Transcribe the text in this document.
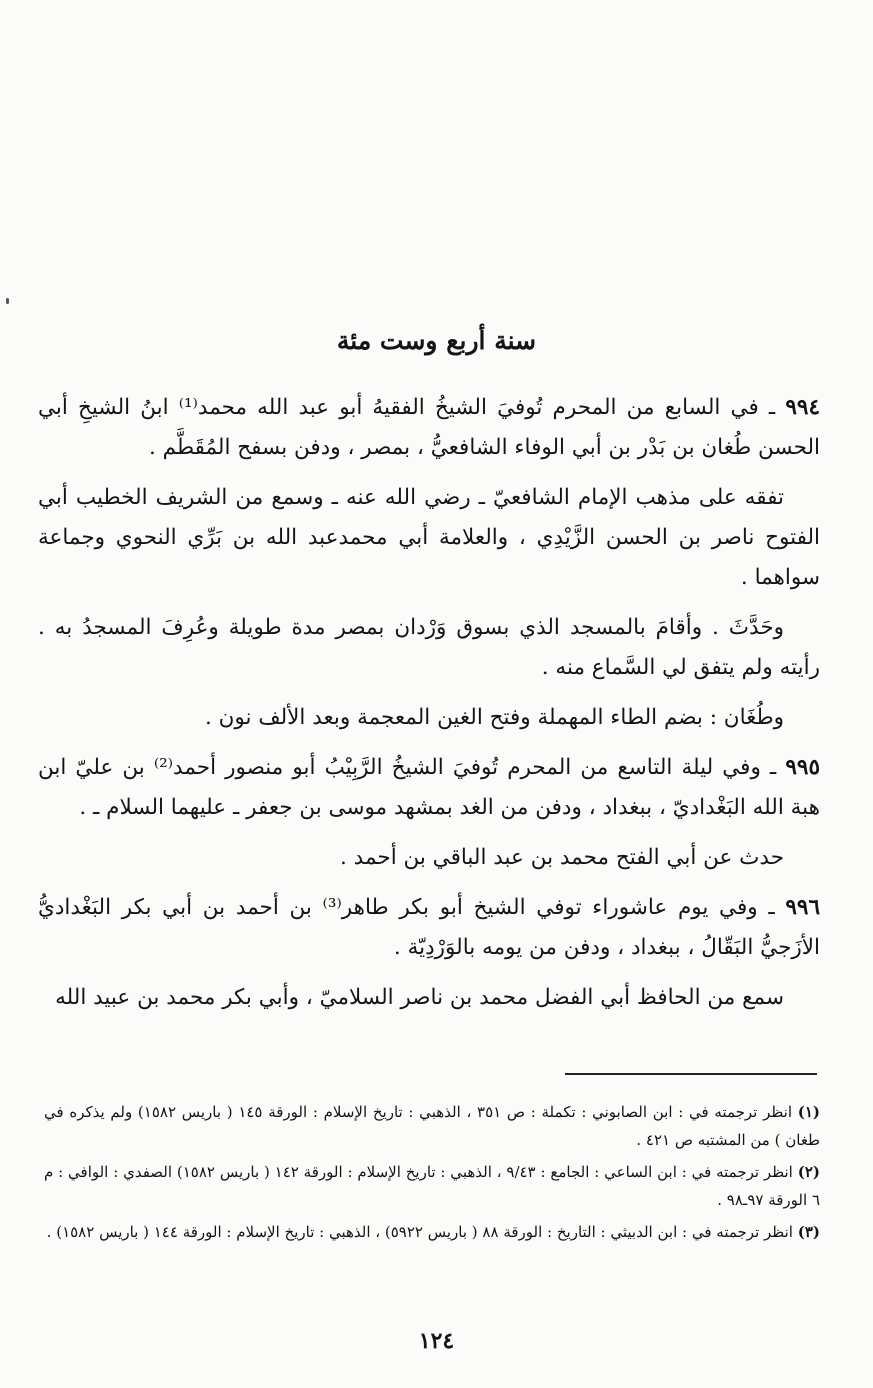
سنة أربع وست مئة

٩٩٤ ـ في السابع من المحرم تُوفيَ الشيخُ الفقيهُ أبو عبد الله محمد⁽¹⁾ ابنُ الشيخِ أبي الحسن طُغان بن بَدْر بن أبي الوفاء الشافعيُّ ، بمصر ، ودفن بسفح المُقَطَّم .

تفقه على مذهب الإمام الشافعيّ ـ رضي الله عنه ـ وسمع من الشريف الخطيب أبي الفتوح ناصر بن الحسن الزَّيْدِي ، والعلامة أبي محمدعبد الله بن بَرِّي النحوي وجماعة سواهما .

وحَدَّثَ . وأقامَ بالمسجد الذي بسوق وَرْدان بمصر مدة طويلة وعُرِفَ المسجدُ به . رأيته ولم يتفق لي السَّماع منه .

وطُغَان : بضم الطاء المهملة وفتح الغين المعجمة وبعد الألف نون .

٩٩٥ ـ وفي ليلة التاسع من المحرم تُوفيَ الشيخُ الرَّبِيْبُ أبو منصور أحمد⁽²⁾ بن عليّ ابن هبة الله البَغْداديّ ، ببغداد ، ودفن من الغد بمشهد موسى بن جعفر ـ عليهما السلام ـ .

حدث عن أبي الفتح محمد بن عبد الباقي بن أحمد .

٩٩٦ ـ وفي يوم عاشوراء توفي الشيخ أبو بكر طاهر⁽³⁾ بن أحمد بن أبي بكر البَغْداديُّ الأزَجيُّ البَقّالُ ، ببغداد ، ودفن من يومه بالوَرْدِيّة .

سمع من الحافظ أبي الفضل محمد بن ناصر السلاميّ ، وأبي بكر محمد بن عبيد الله

(١) انظر ترجمته في : ابن الصابوني : تكملة : ص ٣٥١ ، الذهبي : تاريخ الإسلام : الورقة ١٤٥ ( باريس ١٥٨٢) ولم يذكره في طغان ) من المشتبه ص ٤٢١ .

(٢) انظر ترجمته في : ابن الساعي : الجامع : ٩/٤٣ ، الذهبي : تاريخ الإسلام : الورقة ١٤٢ ( باريس ١٥٨٢) الصفدي : الوافي : م ٦ الورقة ٩٧ـ٩٨ .

(٣) انظر ترجمته في : ابن الدبيثي : التاريخ : الورقة ٨٨ ( باريس ٥٩٢٢) ، الذهبي : تاريخ الإسلام : الورقة ١٤٤ ( باريس ١٥٨٢) .

١٢٤
